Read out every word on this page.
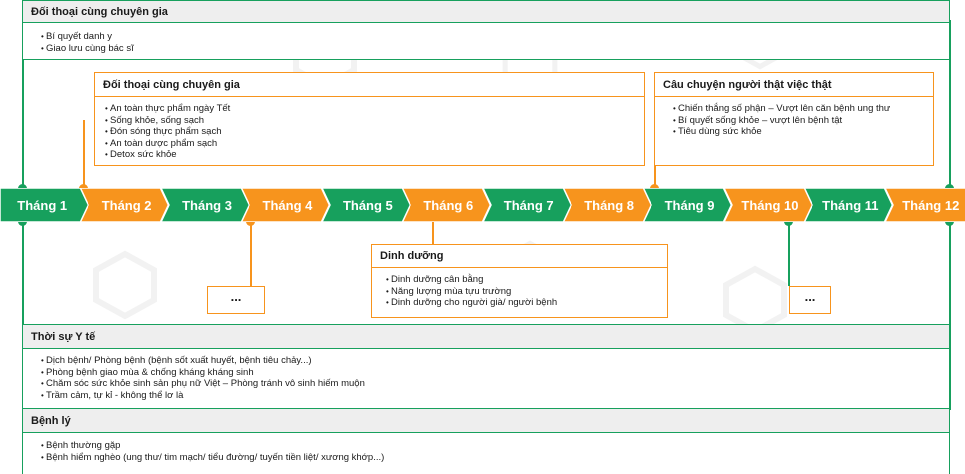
Đối thoại cùng chuyên gia
• Bí quyết danh y
• Giao lưu cùng bác sĩ
Đối thoại cùng chuyên gia
• An toàn thực phẩm ngày Tết
• Sống khỏe, sống sạch
• Đón sóng thực phẩm sạch
• An toàn dược phẩm sạch
• Detox sức khỏe
Câu chuyện người thật việc thật
• Chiến thắng số phận – Vượt lên căn bệnh ung thư
• Bí quyết sống khỏe – vượt lên bệnh tật
• Tiêu dùng sức khỏe
Tháng 1	Tháng 2	Tháng 3	Tháng 4	Tháng 5	Tháng 6	Tháng 7	Tháng 8	Tháng 9	Tháng 10	Tháng 11	Tháng 12
...	...
Dinh dưỡng
• Dinh dưỡng cân bằng
• Năng lượng mùa tựu trường
• Dinh dưỡng cho người già/ người bệnh
Thời sự Y tế
• Dịch bệnh/ Phòng bệnh (bệnh sốt xuất huyết, bệnh tiêu chảy...)
• Phòng bệnh giao mùa & chống kháng kháng sinh
• Chăm sóc sức khỏe sinh sản phụ nữ Việt – Phòng tránh vô sinh hiếm muộn
• Trầm cảm, tự kỉ - không thể lơ là
Bệnh lý
• Bệnh thường gặp
• Bệnh hiểm nghèo (ung thư/ tim mạch/ tiểu đường/ tuyến tiền liệt/ xương khớp...)
